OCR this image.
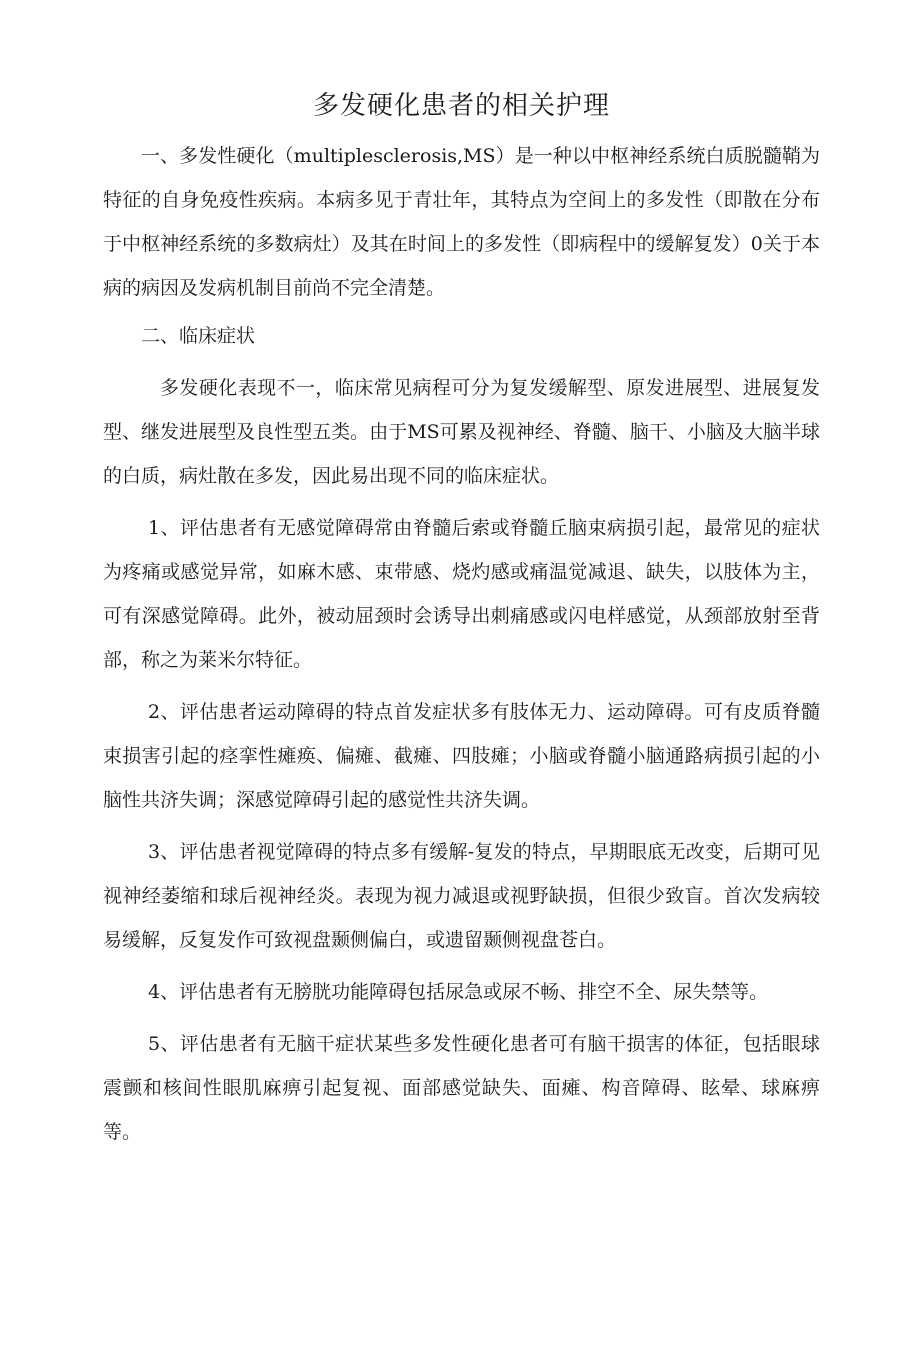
多发硬化患者的相关护理

一、多发性硬化（multiplesclerosis,MS）是一种以中枢神经系统白质脱髓鞘为特征的自身免疫性疾病。本病多见于青壮年，其特点为空间上的多发性（即散在分布于中枢神经系统的多数病灶）及其在时间上的多发性（即病程中的缓解复发）0关于本病的病因及发病机制目前尚不完全清楚。

二、临床症状

多发硬化表现不一，临床常见病程可分为复发缓解型、原发进展型、进展复发型、继发进展型及良性型五类。由于MS可累及视神经、脊髓、脑干、小脑及大脑半球的白质，病灶散在多发，因此易出现不同的临床症状。

1、评估患者有无感觉障碍常由脊髓后索或脊髓丘脑束病损引起，最常见的症状为疼痛或感觉异常，如麻木感、束带感、烧灼感或痛温觉减退、缺失，以肢体为主，可有深感觉障碍。此外，被动屈颈时会诱导出刺痛感或闪电样感觉，从颈部放射至背部，称之为莱米尔特征。

2、评估患者运动障碍的特点首发症状多有肢体无力、运动障碍。可有皮质脊髓束损害引起的痉挛性瘫痪、偏瘫、截瘫、四肢瘫；小脑或脊髓小脑通路病损引起的小脑性共济失调；深感觉障碍引起的感觉性共济失调。

3、评估患者视觉障碍的特点多有缓解-复发的特点，早期眼底无改变，后期可见视神经萎缩和球后视神经炎。表现为视力减退或视野缺损，但很少致盲。首次发病较易缓解，反复发作可致视盘颞侧偏白，或遗留颞侧视盘苍白。

4、评估患者有无膀胱功能障碍包括尿急或尿不畅、排空不全、尿失禁等。

5、评估患者有无脑干症状某些多发性硬化患者可有脑干损害的体征，包括眼球震颤和核间性眼肌麻痹引起复视、面部感觉缺失、面瘫、构音障碍、眩晕、球麻痹等。
